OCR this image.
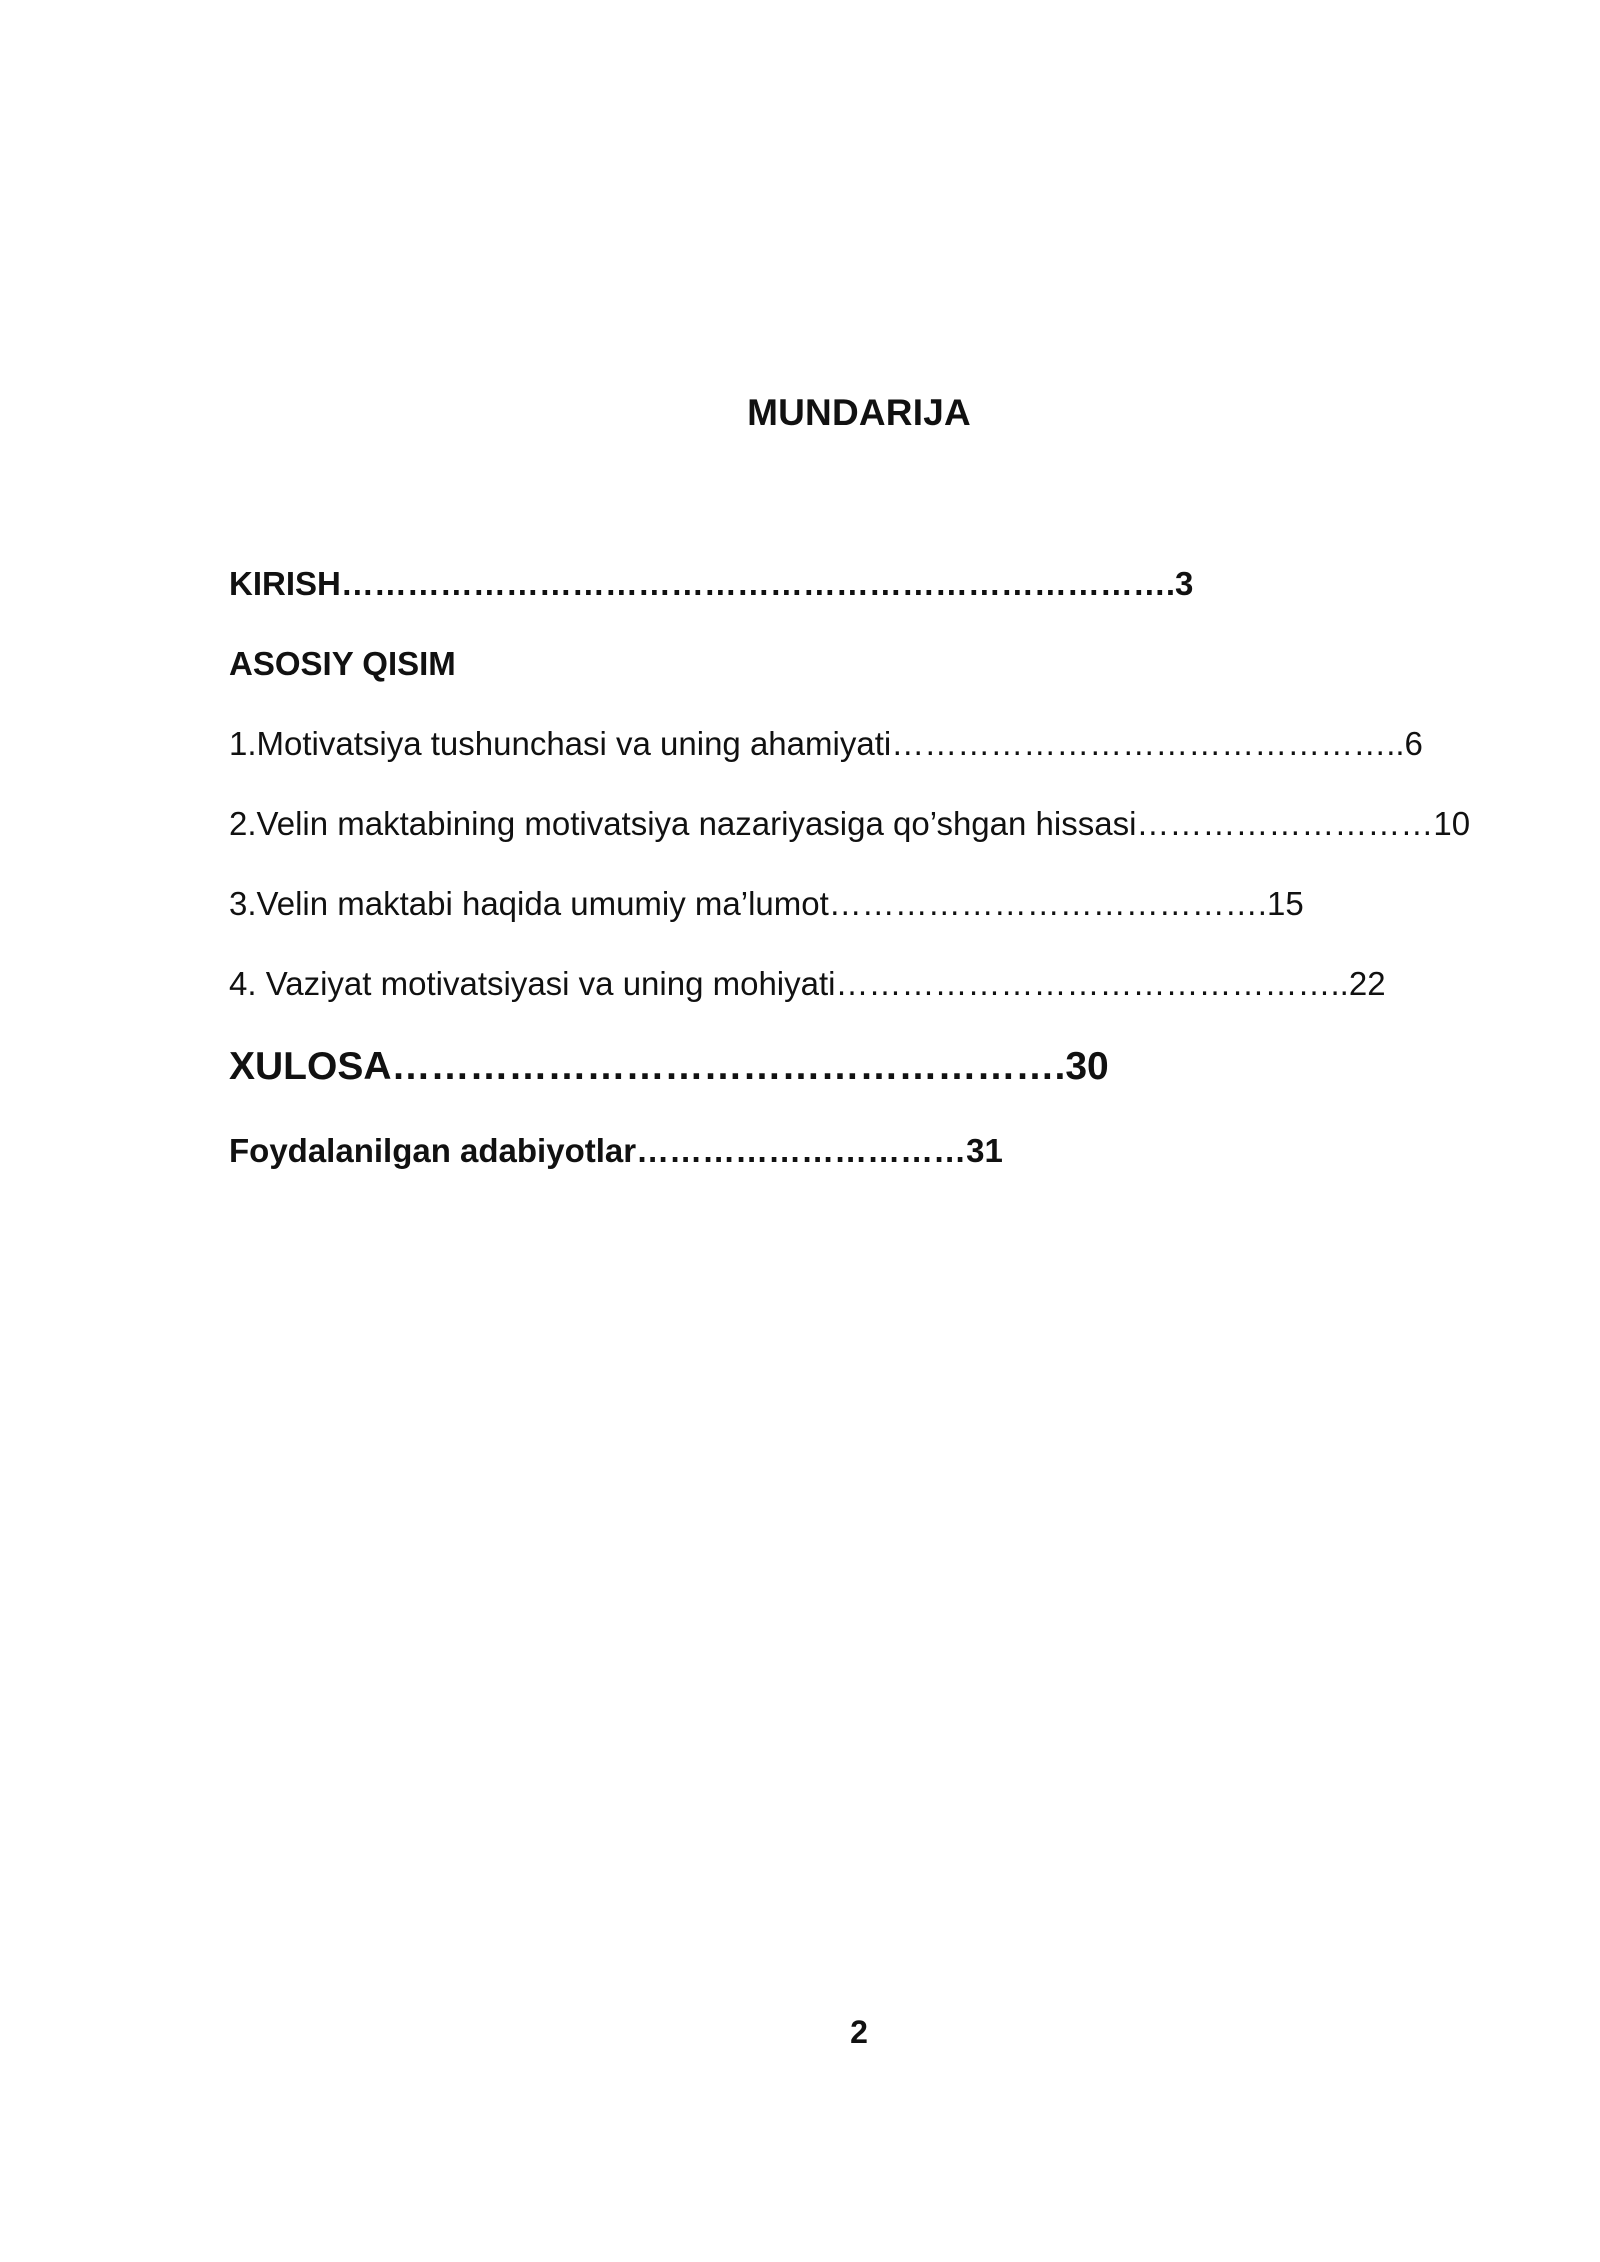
MUNDARIJA
KIRISH………………………………………………………………….3
ASOSIY QISIM
1.Motivatsiya tushunchasi va uning ahamiyati………………………………………..6
2.Velin maktabining motivatsiya nazariyasiga qo’shgan hissasi………………………10
3.Velin maktabi haqida umumiy ma’lumot………………………………….15
4. Vaziyat motivatsiyasi va uning mohiyati………………………………………..22
XULOSA…………………………………………….30
Foydalanilgan adabiyotlar…………………………31
2
